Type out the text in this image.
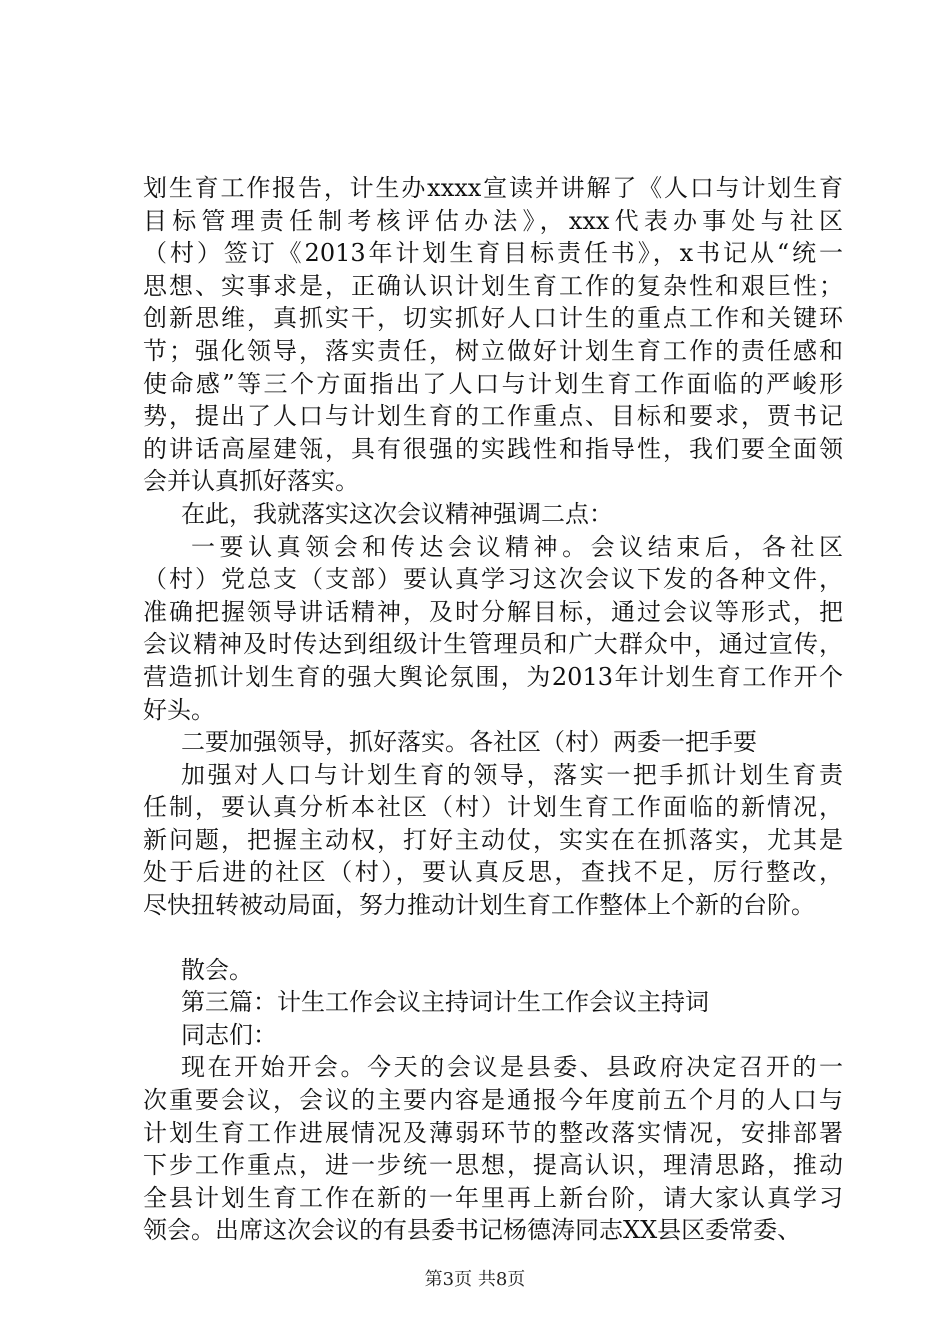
划生育工作报告，计生办xxxx宣读并讲解了《人口与计划生育
目标管理责任制考核评估办法》，xxx代表办事处与社区
（村）签订《2013年计划生育目标责任书》，x书记从“统一
思想、实事求是，正确认识计划生育工作的复杂性和艰巨性；
创新思维，真抓实干，切实抓好人口计生的重点工作和关键环
节；强化领导，落实责任，树立做好计划生育工作的责任感和
使命感”等三个方面指出了人口与计划生育工作面临的严峻形
势，提出了人口与计划生育的工作重点、目标和要求，贾书记
的讲话高屋建瓴，具有很强的实践性和指导性，我们要全面领
会并认真抓好落实。
在此，我就落实这次会议精神强调二点：
一要认真领会和传达会议精神。会议结束后，各社区
（村）党总支（支部）要认真学习这次会议下发的各种文件，
准确把握领导讲话精神，及时分解目标，通过会议等形式，把
会议精神及时传达到组级计生管理员和广大群众中，通过宣传，
营造抓计划生育的强大舆论氛围，为2013年计划生育工作开个
好头。
二要加强领导，抓好落实。各社区（村）两委一把手要
加强对人口与计划生育的领导，落实一把手抓计划生育责
任制，要认真分析本社区（村）计划生育工作面临的新情况，
新问题，把握主动权，打好主动仗，实实在在抓落实，尤其是
处于后进的社区（村），要认真反思，查找不足，厉行整改，
尽快扭转被动局面，努力推动计划生育工作整体上个新的台阶。
散会。
第三篇：计生工作会议主持词计生工作会议主持词
同志们：
现在开始开会。今天的会议是县委、县政府决定召开的一
次重要会议，会议的主要内容是通报今年度前五个月的人口与
计划生育工作进展情况及薄弱环节的整改落实情况，安排部署
下步工作重点，进一步统一思想，提高认识，理清思路，推动
全县计划生育工作在新的一年里再上新台阶，请大家认真学习
领会。出席这次会议的有县委书记杨德涛同志XX县区委常委、
第3页 共8页
